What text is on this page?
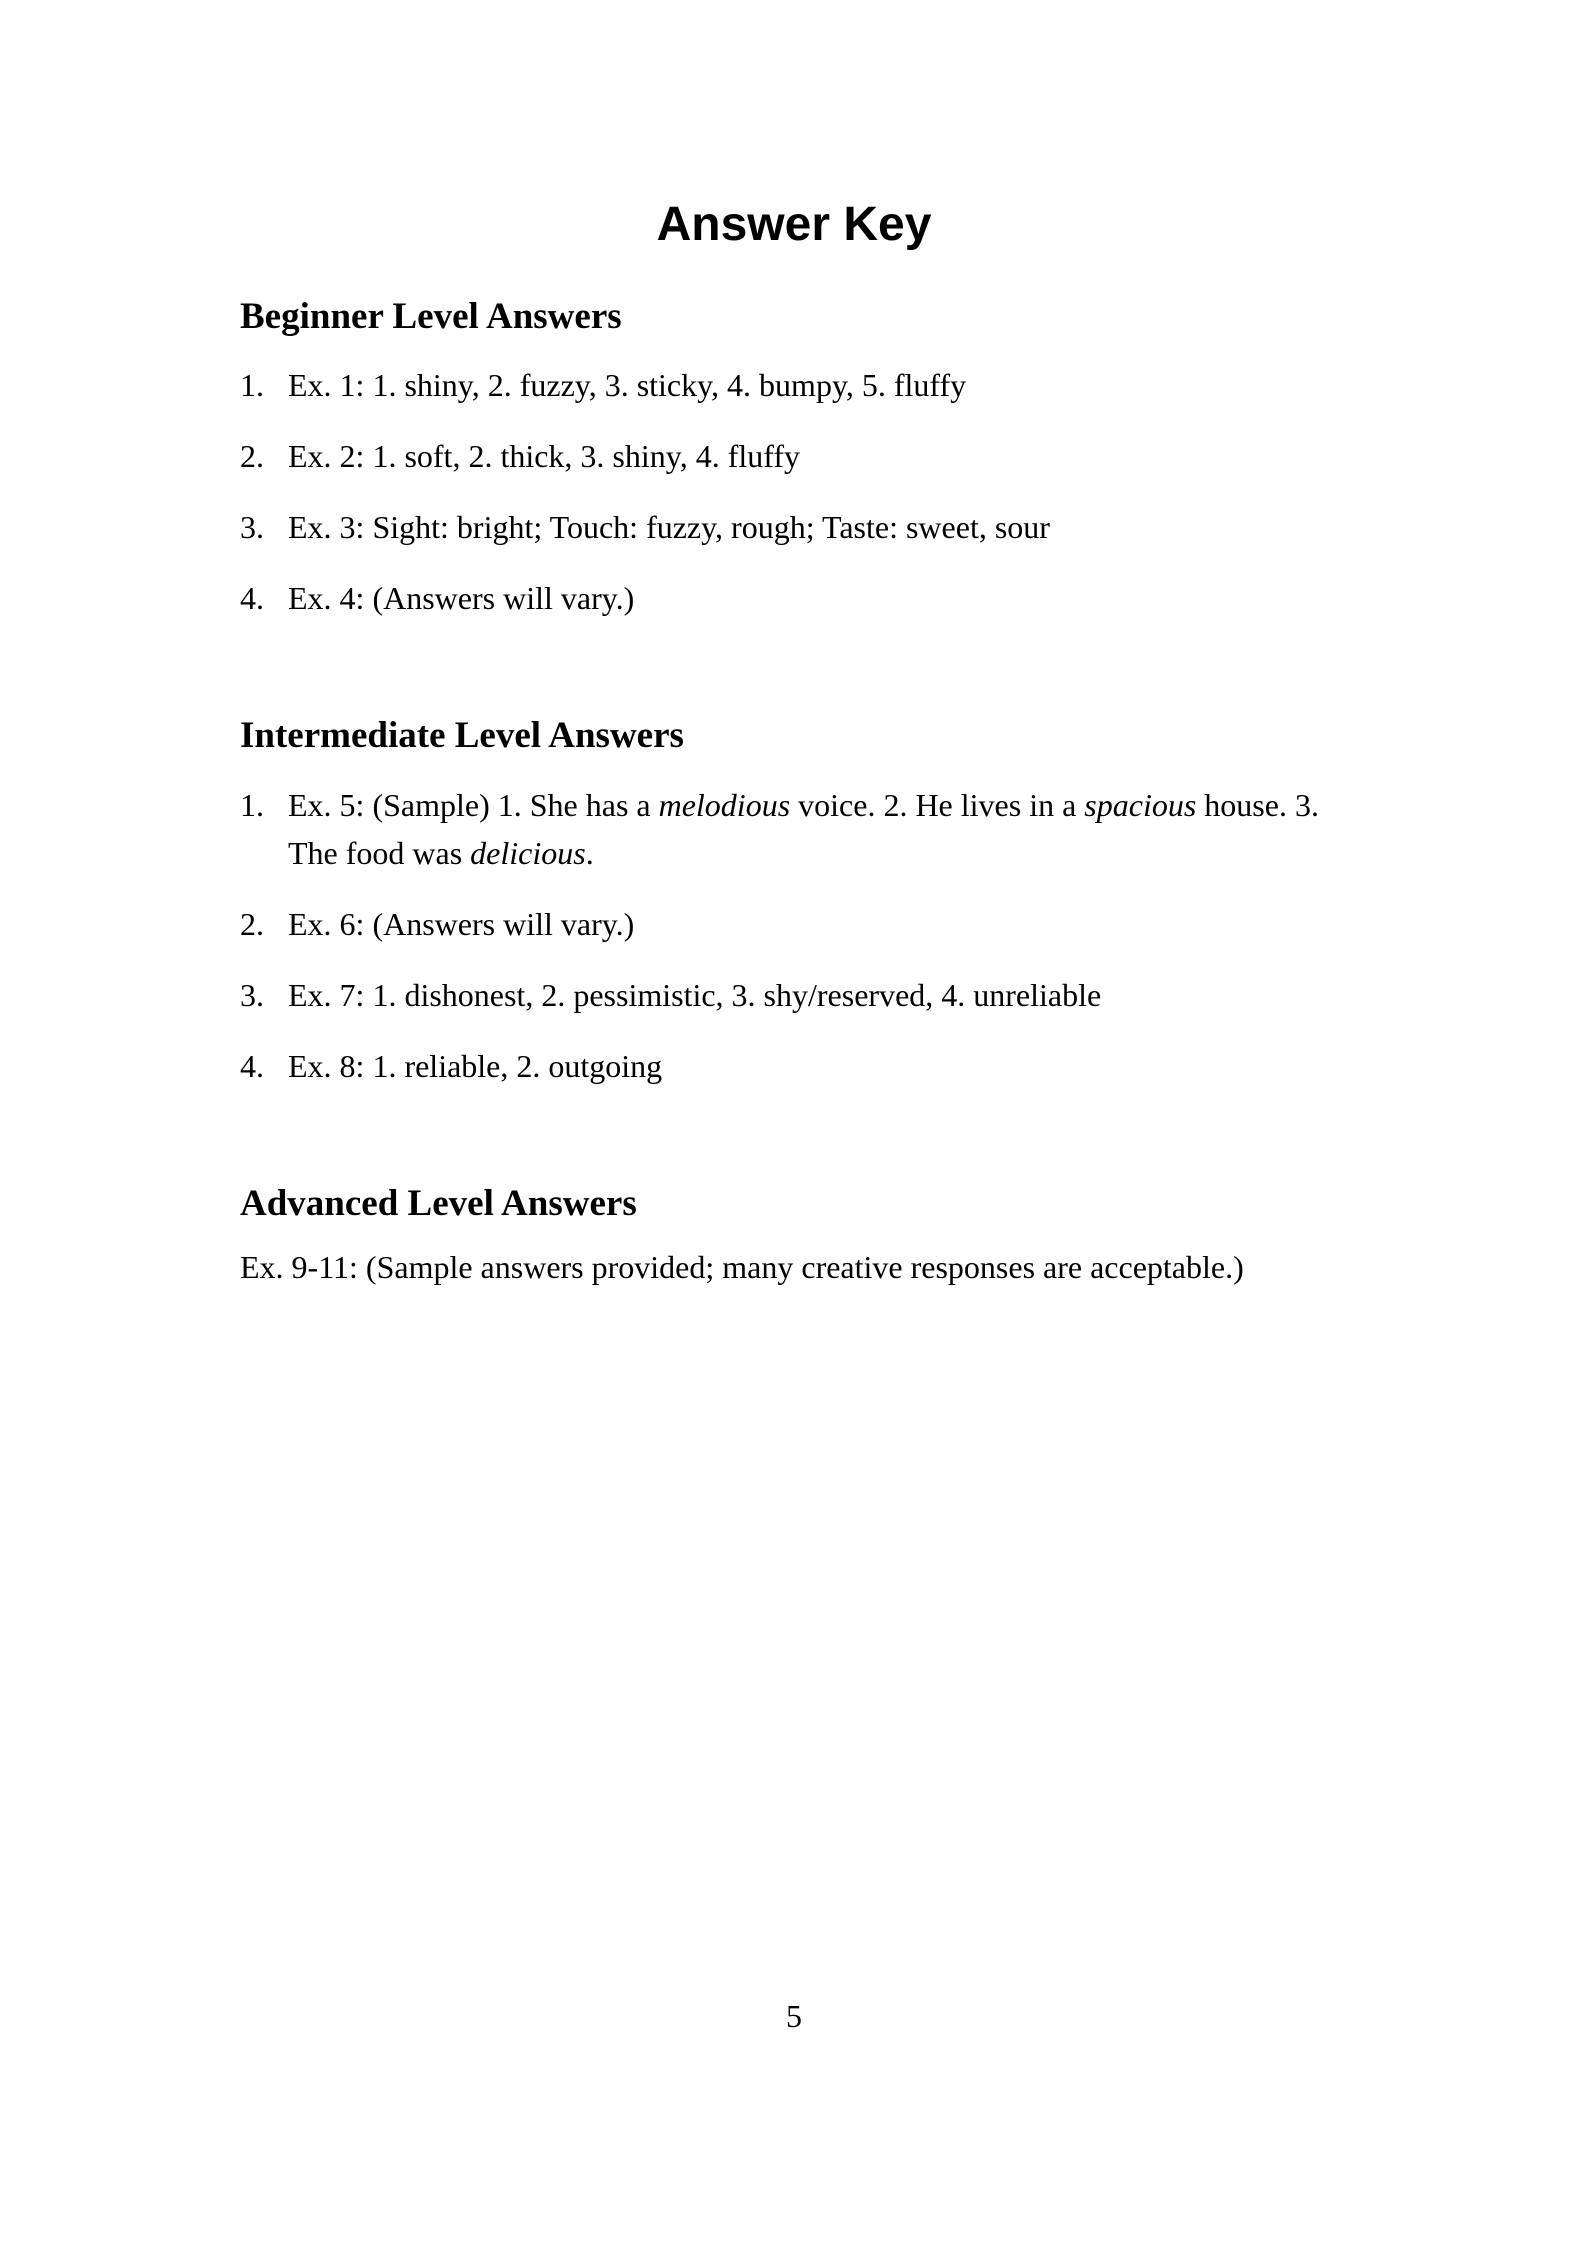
Answer Key
Beginner Level Answers
1. Ex. 1: 1. shiny, 2. fuzzy, 3. sticky, 4. bumpy, 5. fluffy
2. Ex. 2: 1. soft, 2. thick, 3. shiny, 4. fluffy
3. Ex. 3: Sight: bright; Touch: fuzzy, rough; Taste: sweet, sour
4. Ex. 4: (Answers will vary.)
Intermediate Level Answers
1. Ex. 5: (Sample) 1. She has a melodious voice. 2. He lives in a spacious house. 3. The food was delicious.
2. Ex. 6: (Answers will vary.)
3. Ex. 7: 1. dishonest, 2. pessimistic, 3. shy/reserved, 4. unreliable
4. Ex. 8: 1. reliable, 2. outgoing
Advanced Level Answers

Ex. 9-11: (Sample answers provided; many creative responses are acceptable.)

5
